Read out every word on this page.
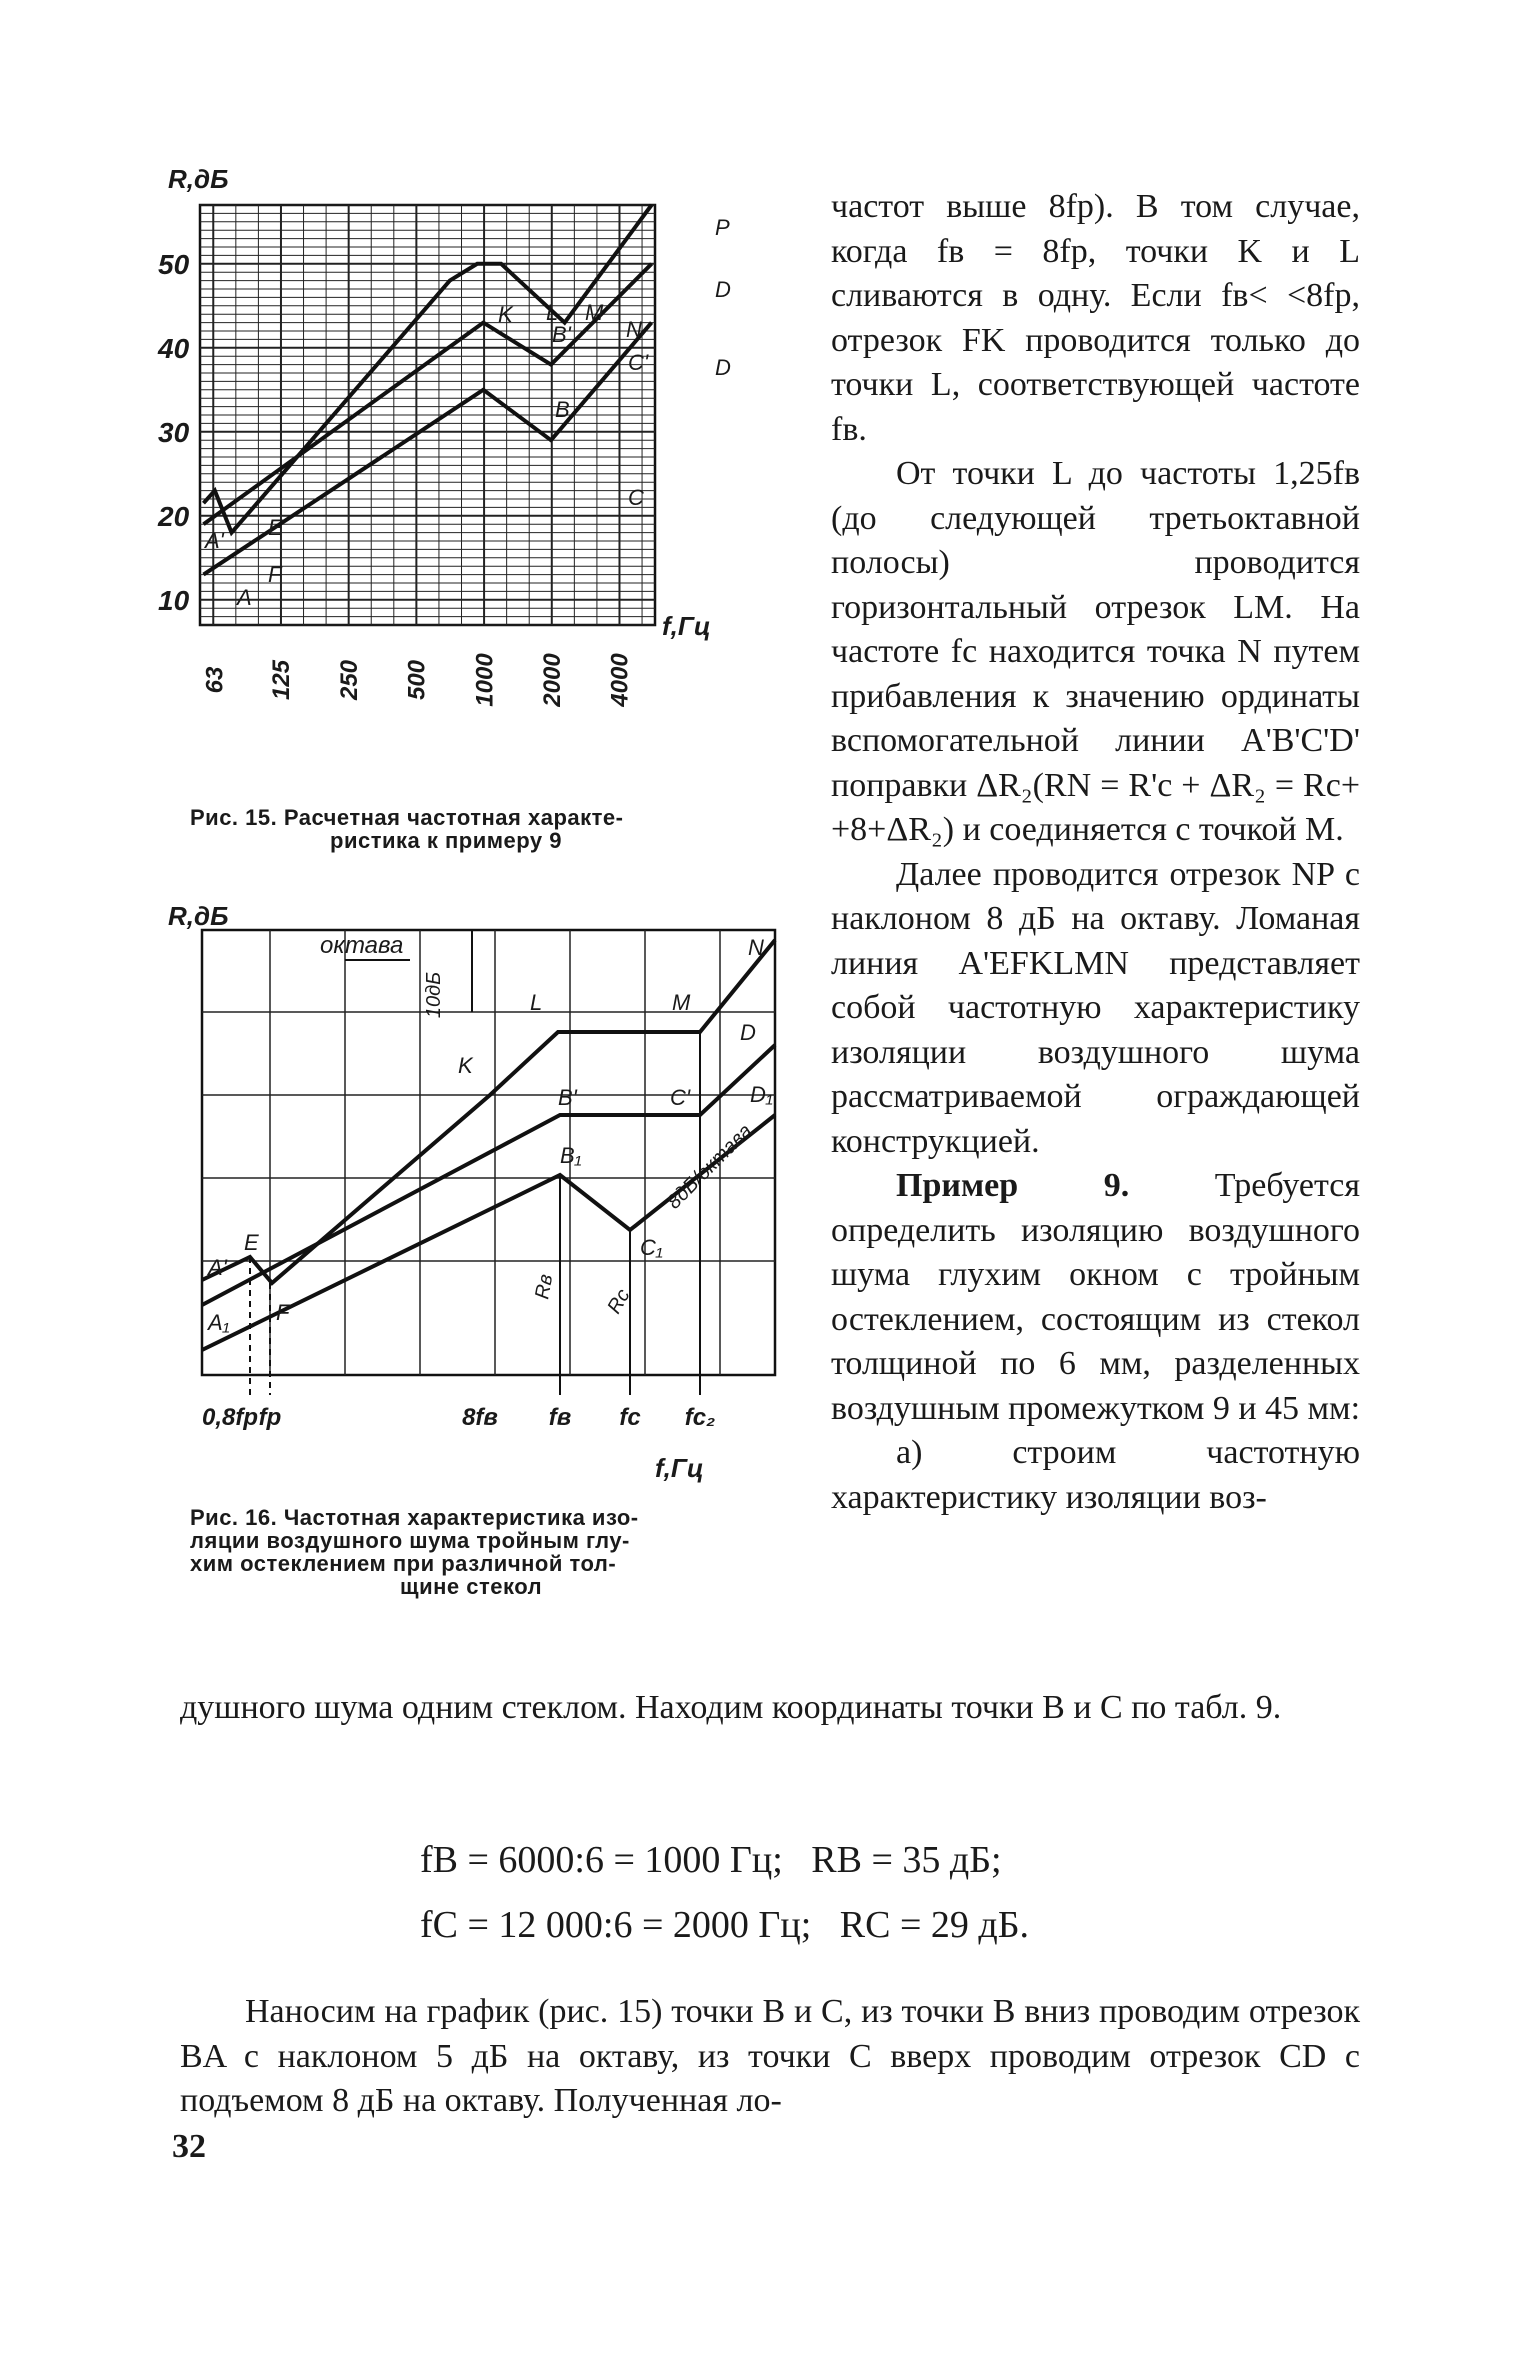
R,дБ
50
40
30
20
10
63 125 250 500 1000 2000 4000
f,Гц
L M
K
B'	N
P
D
C'	D
B
C
A'
E
F
A
Рис. 15. Расчетная частотная характе-
ристика к примеру 9
R,дБ
октава
10дБ
8дБ/октава
0,8fр fр	8fв fв fс fс₂
f,Гц
N
L	M
K
B'	C'
D
B₁
C₁
D₁
A'
E
A₁ F
Rв Rс
Рис. 16. Частотная характеристика изо-
ляции воздушного шума тройным глу-
хим остеклением при различной тол-
щине стекол

частот выше 8fр). В том случае, когда fв = 8fр, точки K и L сливаются в одну. Если fв< <8fр, отрезок FK проводится только до точки L, соответствующей частоте fв.

От точки L до частоты 1,25fв (до следующей третьоктавной полосы) проводится горизонтальный отрезок LM. На частоте fс находится точка N путем прибавления к значению ординаты вспомогательной линии A'B'C'D' поправки ΔR₂(RN = R'с + ΔR₂ = Rс+ +8+ΔR₂) и соединяется с точкой M.

Далее проводится отрезок NP с наклоном 8 дБ на октаву. Ломаная линия A'EFKLMN представляет собой частотную характеристику изоляции воздушного шума рассматриваемой ограждающей конструкцией.

Пример 9. Требуется определить изоляцию воздушного шума глухим окном с тройным остеклением, состоящим из стекол толщиной по 6 мм, разделенных воздушным промежутком 9 и 45 мм:

а) строим частотную характеристику изоляции воз-

душного шума одним стеклом. Находим координаты точки B и C по табл. 9.
fB = 6000:6 = 1000 Гц;   RB = 35 дБ;
fC = 12 000:6 = 2000 Гц;   RC = 29 дБ.
Наносим на график (рис. 15) точки B и C, из точки B вниз проводим отрезок BA с наклоном 5 дБ на октаву, из точки C вверх проводим отрезок CD с подъемом 8 дБ на октаву. Полученная ло-
32
